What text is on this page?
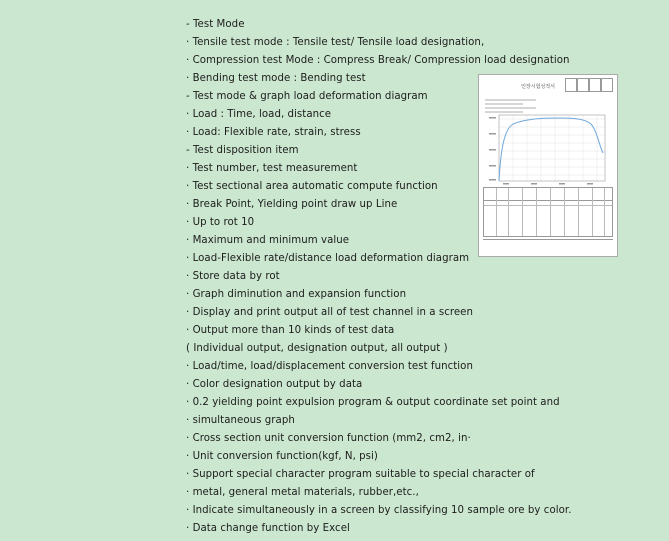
- Test Mode
· Tensile test mode : Tensile test/ Tensile load designation,
· Compression test Mode : Compress Break/ Compression load designation
· Bending test mode : Bending test
- Test mode & graph load deformation diagram
· Load : Time, load, distance
· Load: Flexible rate, strain, stress
- Test disposition item
· Test number, test measurement
· Test sectional area automatic compute function
· Break Point, Yielding point draw up Line
· Up to rot 10
· Maximum and minimum value
· Load-Flexible rate/distance load deformation diagram
· Store data by rot
· Graph diminution and expansion function
· Display and print output all of test channel in a screen
· Output more than 10 kinds of test data
( Individual output, designation output, all output )
· Load/time, load/displacement conversion test function
· Color designation output by data
· 0.2 yielding point expulsion program & output coordinate set point and
· simultaneous graph
· Cross section unit conversion function (mm2, cm2, in·
· Unit conversion function(kgf, N, psi)
· Support special character program suitable to special character of
· metal, general metal materials, rubber,etc.,
· Indicate simultaneously in a screen by classifying 10 sample ore by color.
· Data change function by Excel
인장시험성적서
